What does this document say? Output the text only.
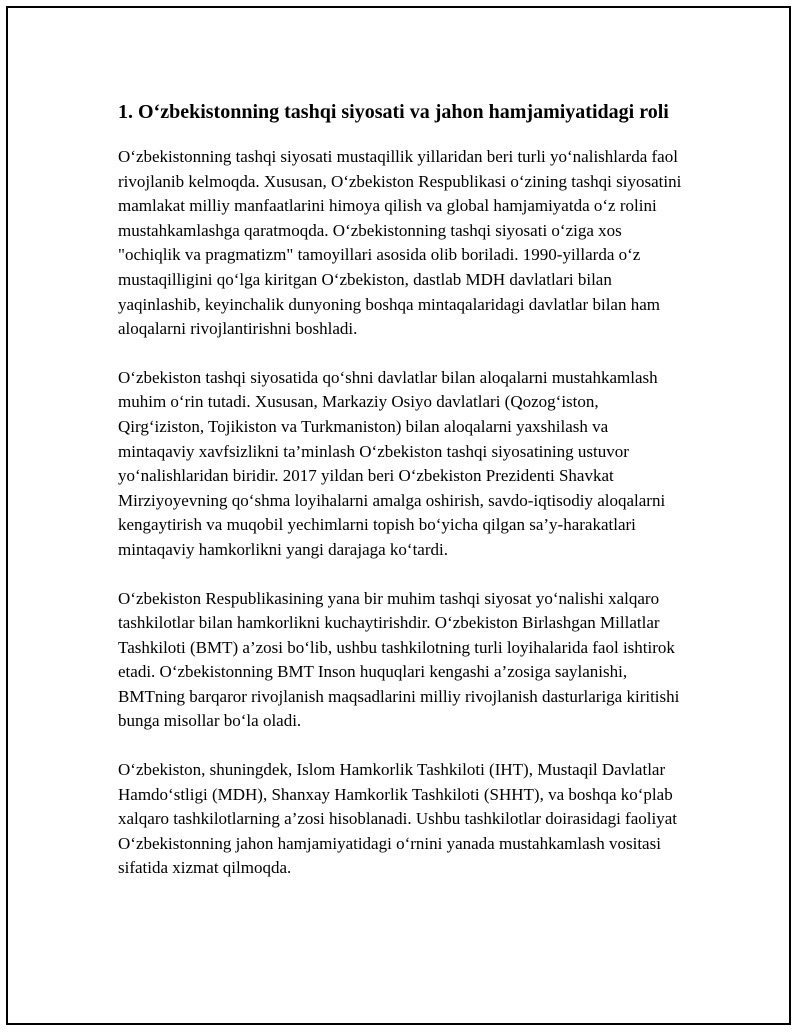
1. O‘zbekistonning tashqi siyosati va jahon hamjamiyatidagi roli

O‘zbekistonning tashqi siyosati mustaqillik yillaridan beri turli yo‘nalishlarda faol rivojlanib kelmoqda. Xususan, O‘zbekiston Respublikasi o‘zining tashqi siyosatini mamlakat milliy manfaatlarini himoya qilish va global hamjamiyatda o‘z rolini mustahkamlashga qaratmoqda. O‘zbekistonning tashqi siyosati o‘ziga xos "ochiqlik va pragmatizm" tamoyillari asosida olib boriladi. 1990-yillarda o‘z mustaqilligini qo‘lga kiritgan O‘zbekiston, dastlab MDH davlatlari bilan yaqinlashib, keyinchalik dunyoning boshqa mintaqalaridagi davlatlar bilan ham aloqalarni rivojlantirishni boshladi.

O‘zbekiston tashqi siyosatida qo‘shni davlatlar bilan aloqalarni mustahkamlash muhim o‘rin tutadi. Xususan, Markaziy Osiyo davlatlari (Qozog‘iston, Qirg‘iziston, Tojikiston va Turkmaniston) bilan aloqalarni yaxshilash va mintaqaviy xavfsizlikni ta’minlash O‘zbekiston tashqi siyosatining ustuvor yo‘nalishlaridan biridir. 2017 yildan beri O‘zbekiston Prezidenti Shavkat Mirziyoyevning qo‘shma loyihalarni amalga oshirish, savdo-iqtisodiy aloqalarni kengaytirish va muqobil yechimlarni topish bo‘yicha qilgan sa’y-harakatlari mintaqaviy hamkorlikni yangi darajaga ko‘tardi.

O‘zbekiston Respublikasining yana bir muhim tashqi siyosat yo‘nalishi xalqaro tashkilotlar bilan hamkorlikni kuchaytirishdir. O‘zbekiston Birlashgan Millatlar Tashkiloti (BMT) a’zosi bo‘lib, ushbu tashkilotning turli loyihalarida faol ishtirok etadi. O‘zbekistonning BMT Inson huquqlari kengashi a’zosiga saylanishi, BMTning barqaror rivojlanish maqsadlarini milliy rivojlanish dasturlariga kiritishi bunga misollar bo‘la oladi.

O‘zbekiston, shuningdek, Islom Hamkorlik Tashkiloti (IHT), Mustaqil Davlatlar Hamdo‘stligi (MDH), Shanxay Hamkorlik Tashkiloti (SHHT), va boshqa ko‘plab xalqaro tashkilotlarning a’zosi hisoblanadi. Ushbu tashkilotlar doirasidagi faoliyat O‘zbekistonning jahon hamjamiyatidagi o‘rnini yanada mustahkamlash vositasi sifatida xizmat qilmoqda.
